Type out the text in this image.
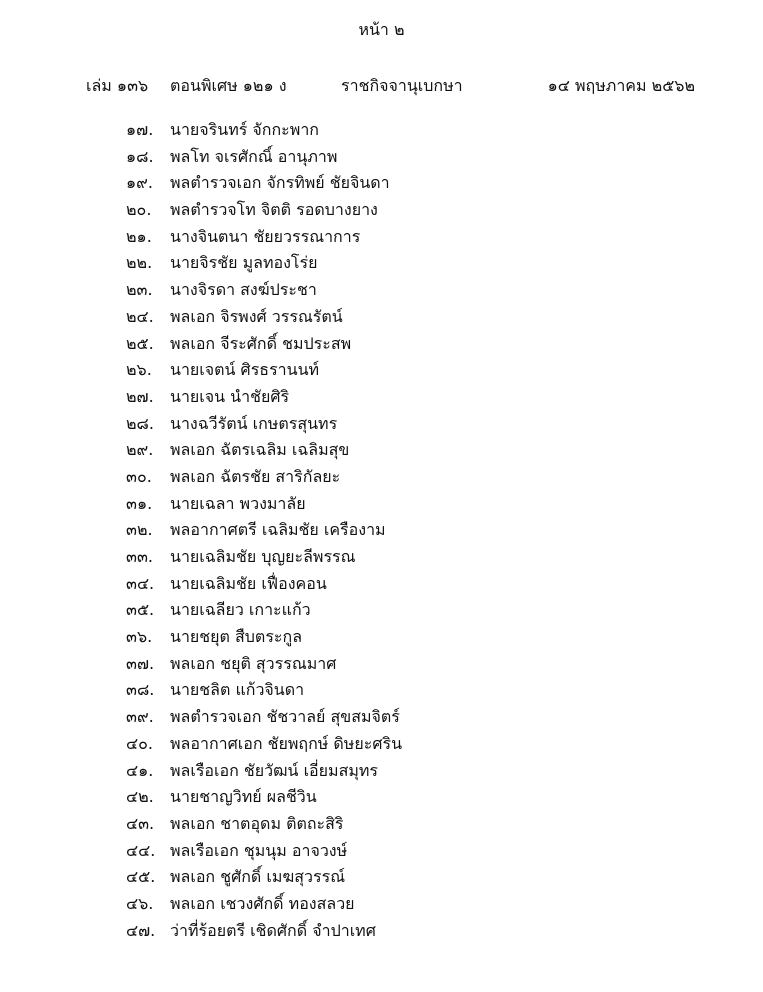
หน้า ๒
เล่ม ๑๓๖ ตอนพิเศษ ๑๒๑ ง	ราชกิจจานุเบกษา	๑๔ พฤษภาคม ๒๕๖๒
๑๗.	นายจรินทร์ จักกะพาก
๑๘.	พลโท จเรศักณิ์ อานุภาพ
๑๙.	พลตำรวจเอก จักรทิพย์ ชัยจินดา
๒๐.	พลตำรวจโท จิตติ รอดบางยาง
๒๑.	นางจินตนา ชัยยวรรณาการ
๒๒.	นายจิรชัย มูลทองโร่ย
๒๓.	นางจิรดา สงฆ์ประชา
๒๔.	พลเอก จิรพงศ์ วรรณรัตน์
๒๕.	พลเอก จีระศักดิ์ ชมประสพ
๒๖.	นายเจตน์ ศิรธรานนท์
๒๗.	นายเจน นำชัยศิริ
๒๘.	นางฉวีรัตน์ เกษตรสุนทร
๒๙.	พลเอก ฉัตรเฉลิม เฉลิมสุข
๓๐.	พลเอก ฉัตรชัย สาริกัลยะ
๓๑.	นายเฉลา พวงมาลัย
๓๒.	พลอากาศตรี เฉลิมชัย เครืองาม
๓๓.	นายเฉลิมชัย บุญยะลีพรรณ
๓๔. นายเฉลิมชัย เฟื่องคอน
๓๕. นายเฉลียว เกาะแก้ว
๓๖.	นายชยุต สืบตระกูล
๓๗. พลเอก ชยุติ สุวรรณมาศ
๓๘. นายชลิต แก้วจินดา
๓๙.	พลตำรวจเอก ชัชวาลย์ สุขสมจิตร์
๔๐.	พลอากาศเอก ชัยพฤกษ์ ดิษยะศริน
๔๑.	พลเรือเอก ชัยวัฒน์ เอี่ยมสมุทร
๔๒.	นายชาญวิทย์ ผลชีวิน
๔๓. พลเอก ชาตอุดม ติตถะสิริ
๔๔. พลเรือเอก ชุมนุม อาจวงษ์
๔๕. พลเอก ชูศักดิ์ เมฆสุวรรณ์
๔๖.	พลเอก เชวงศักดิ์ ทองสลวย
๔๗. ว่าที่ร้อยตรี เชิดศักดิ์ จำปาเทศ
